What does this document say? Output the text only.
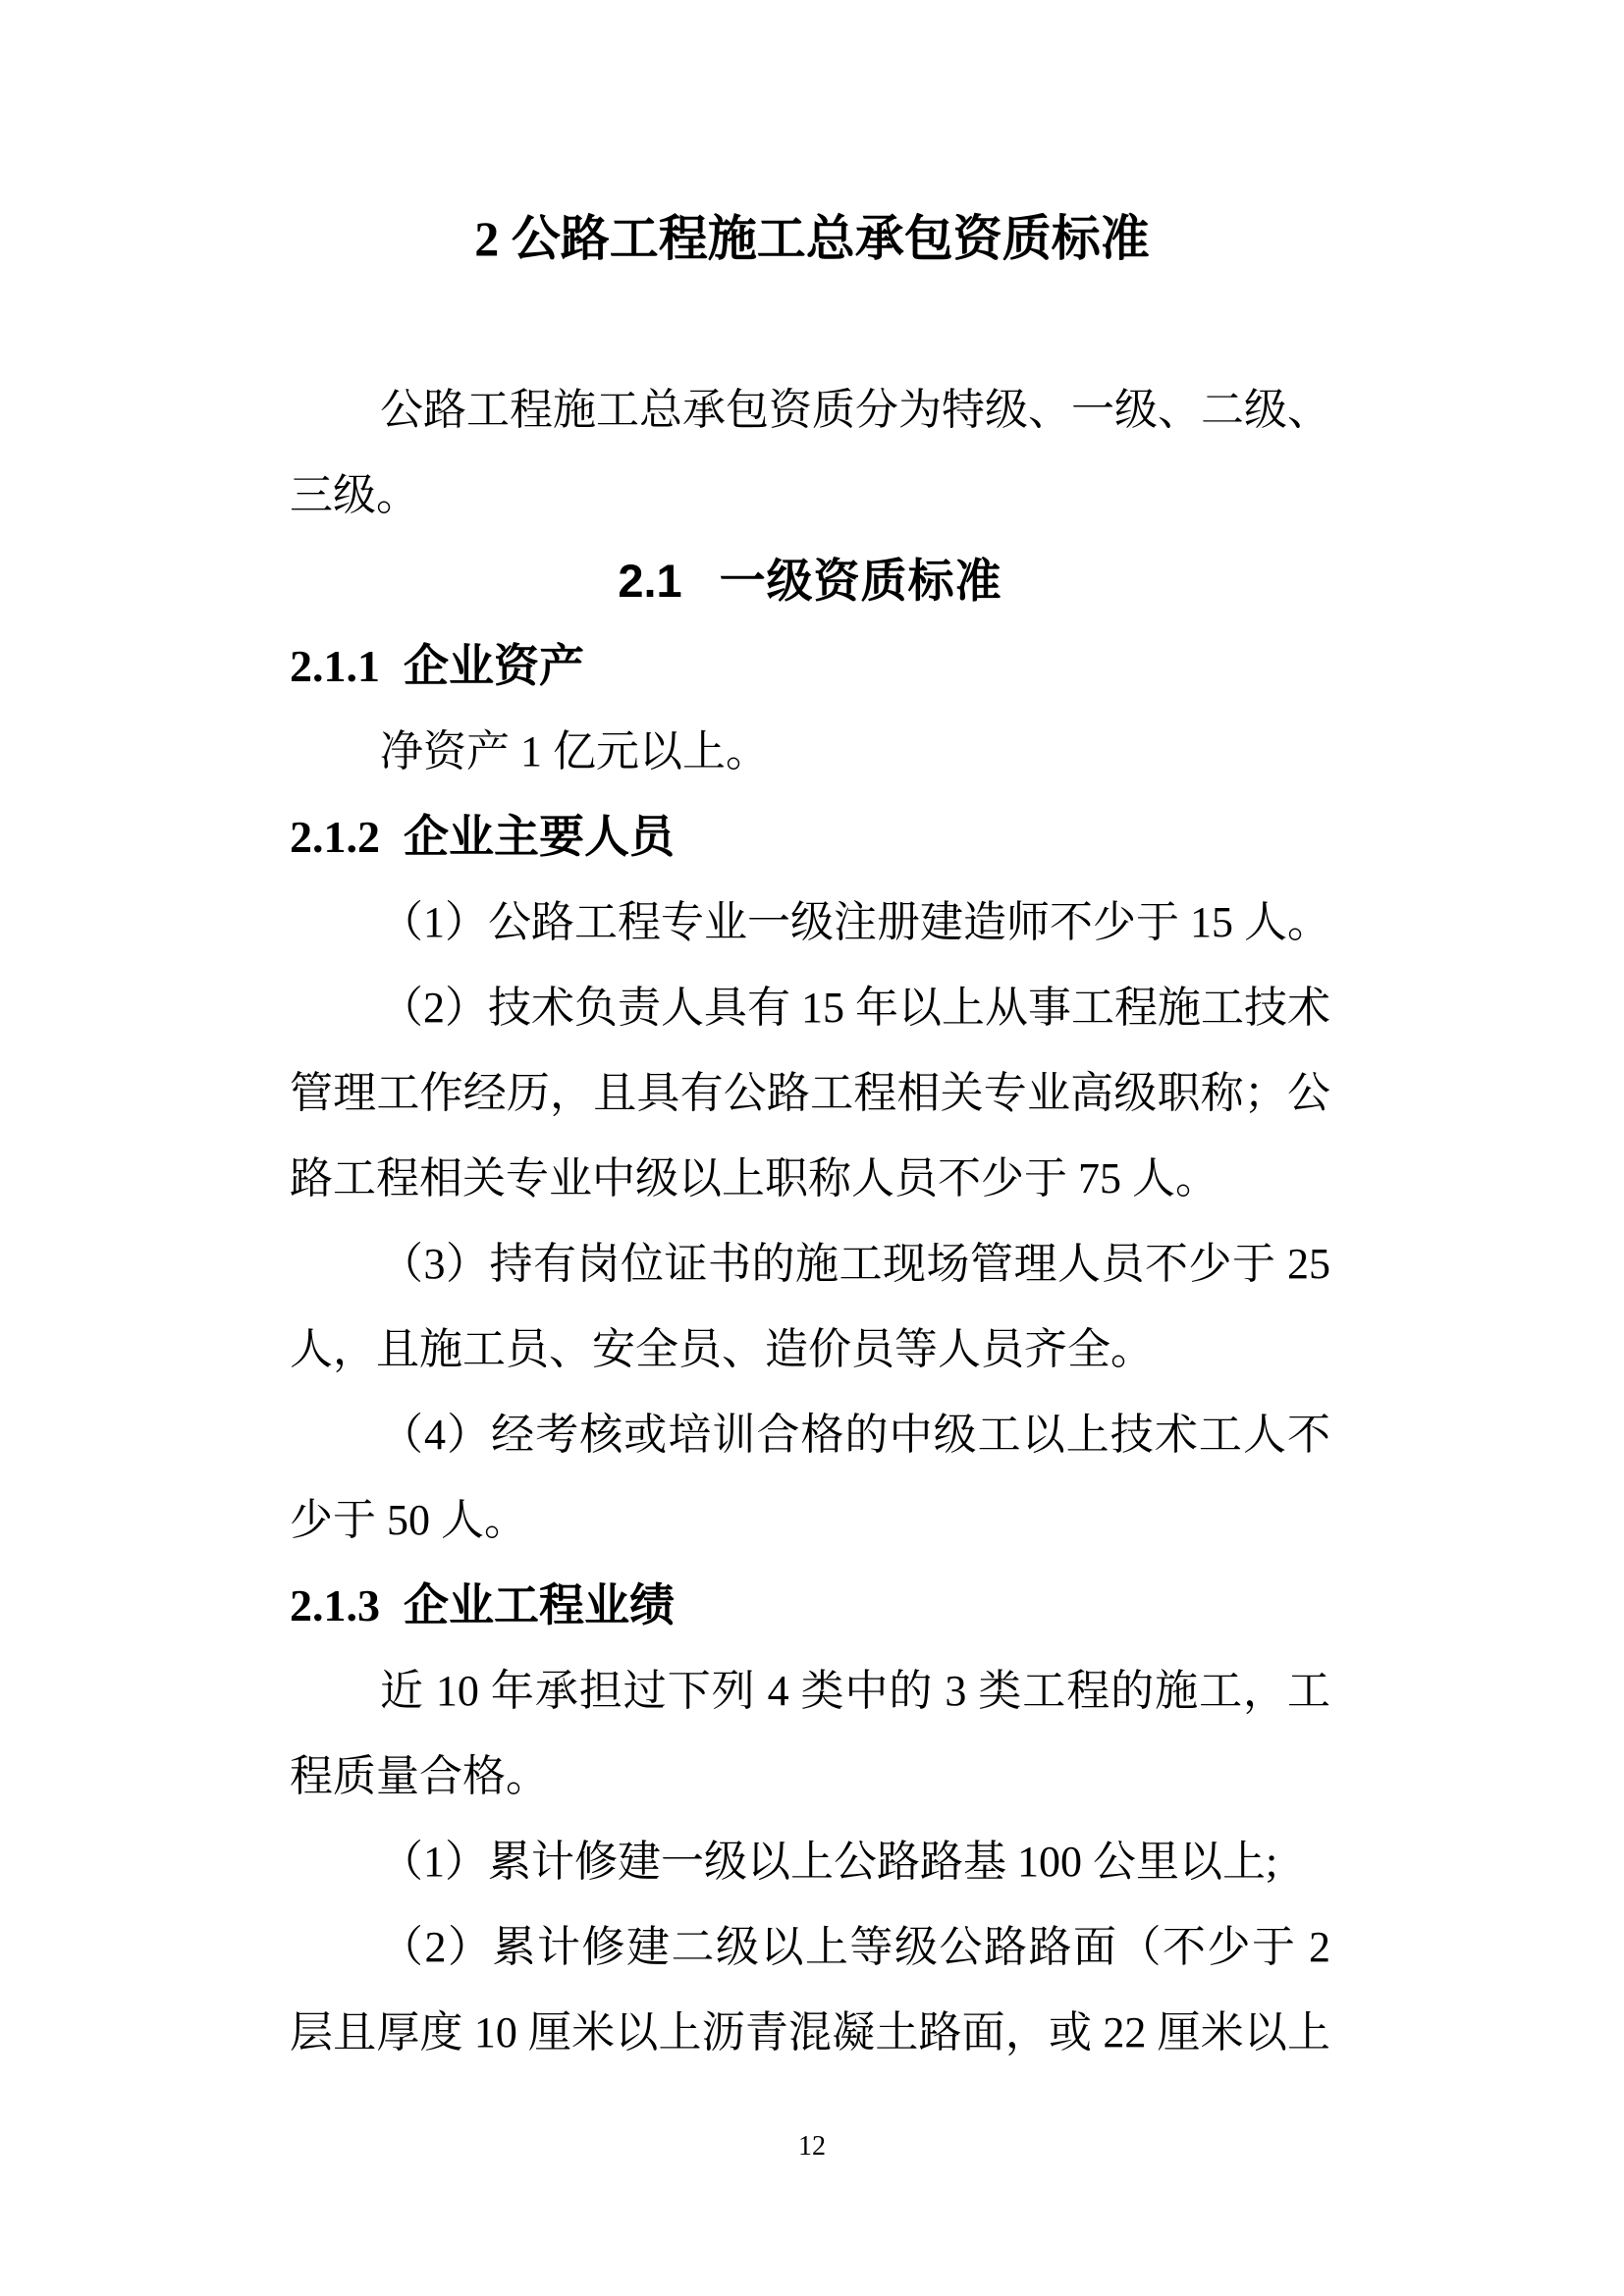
2 公路工程施工总承包资质标准
公路工程施工总承包资质分为特级、一级、二级、
三级。
2.1 一级资质标准
2.1.1 企业资产
净资产 1 亿元以上。
2.1.2 企业主要人员
（1）公路工程专业一级注册建造师不少于 15 人。
（2）技术负责人具有 15 年以上从事工程施工技术
管理工作经历，且具有公路工程相关专业高级职称；公
路工程相关专业中级以上职称人员不少于 75 人。
（3）持有岗位证书的施工现场管理人员不少于 25
人，且施工员、安全员、造价员等人员齐全。
（4）经考核或培训合格的中级工以上技术工人不
少于 50 人。
2.1.3 企业工程业绩
近 10 年承担过下列 4 类中的 3 类工程的施工，工
程质量合格。
（1）累计修建一级以上公路路基 100 公里以上;
（2）累计修建二级以上等级公路路面（不少于 2
层且厚度 10 厘米以上沥青混凝土路面，或 22 厘米以上
12
